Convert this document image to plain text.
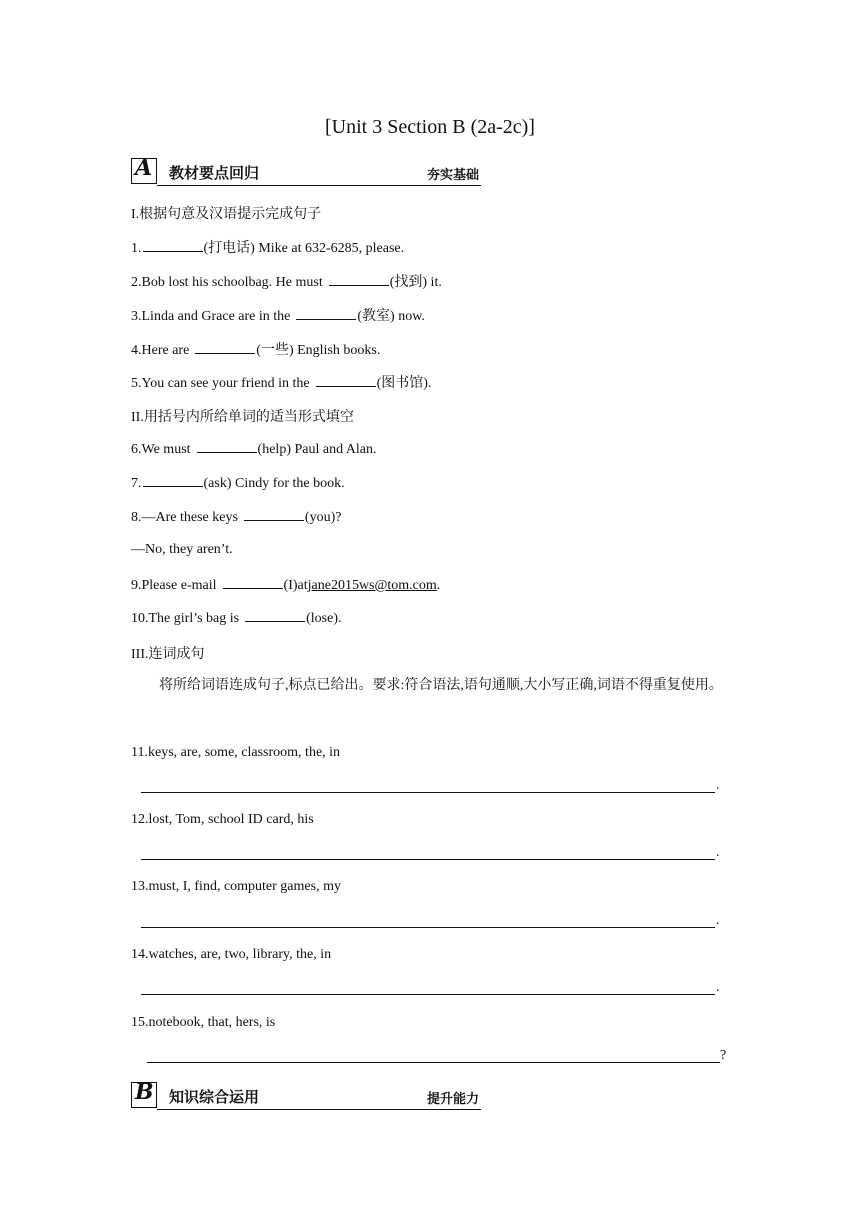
[Unit 3 Section B (2a-2c)]
A 教材要点回归	夯实基础
I.根据句意及汉语提示完成句子
1.	(打电话) Mike at 632-6285, please.
2.Bob lost his schoolbag. He must	(找到) it.
3.Linda and Grace are in the	(教室) now.
4.Here are	(一些) English books.
5.You can see your friend in the	(图书馆).
II.用括号内所给单词的适当形式填空
6.We must	(help) Paul and Alan.
7.	(ask) Cindy for the book.
8.—Are these keys	(you)?
—No, they aren’t.
9.Please e-mail	(I)atjane2015ws@tom.com.
10.The girl’s bag is	(lose).
III.连词成句
将所给词语连成句子,标点已给出。要求:符合语法,语句通顺,大小写正确,词语不得重复使用。
11.keys, are, some, classroom, the, in
.
12.lost, Tom, school ID card, his
.
13.must, I, find, computer games, my
.
14.watches, are, two, library, the, in
.
15.notebook, that, hers, is
?
B 知识综合运用	提升能力
